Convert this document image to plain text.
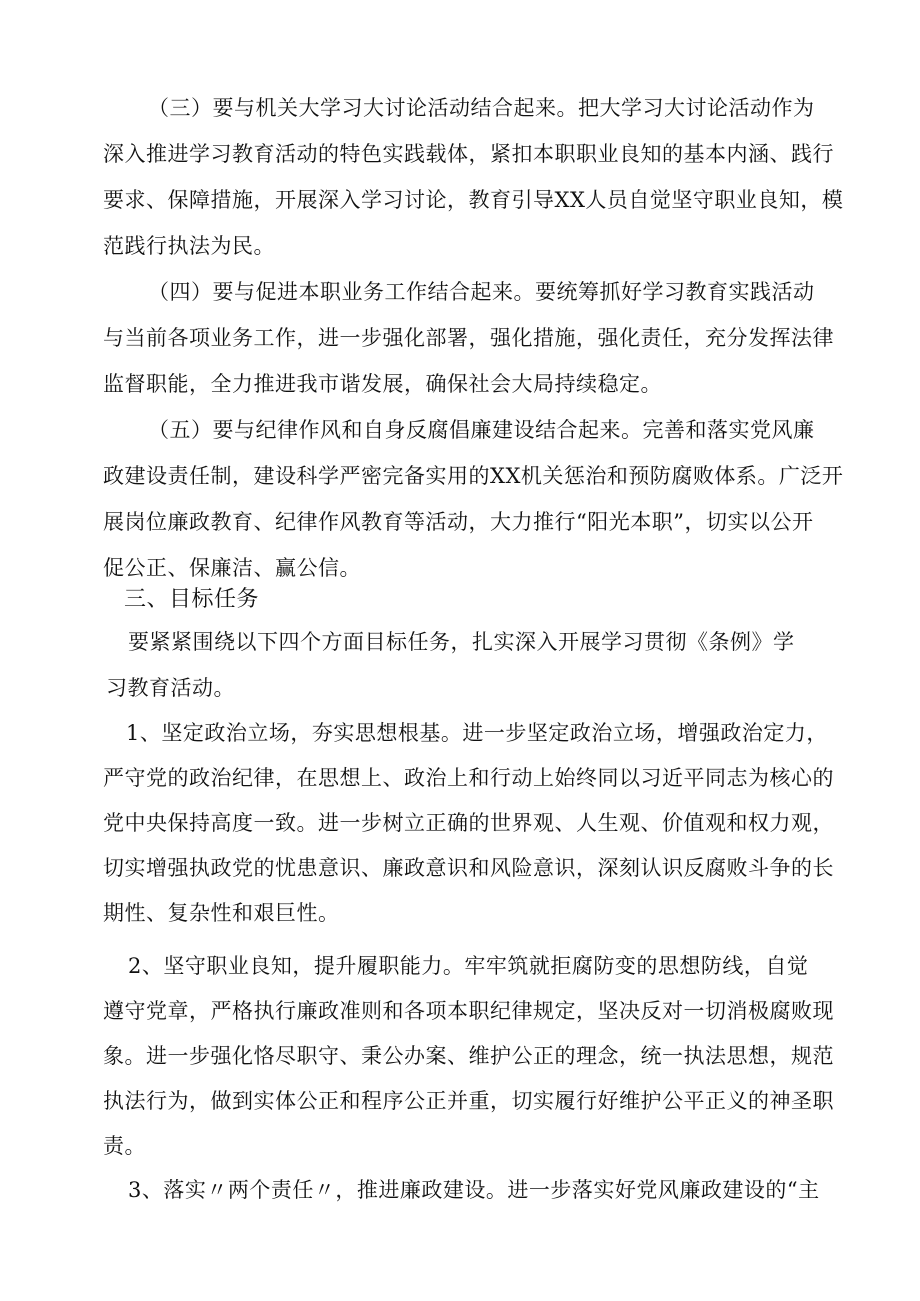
（三）要与机关大学习大讨论活动结合起来。把大学习大讨论活动作为
深入推进学习教育活动的特色实践载体，紧扣本职职业良知的基本内涵、践行
要求、保障措施，开展深入学习讨论，教育引导XX人员自觉坚守职业良知，模
范践行执法为民。
（四）要与促进本职业务工作结合起来。要统筹抓好学习教育实践活动
与当前各项业务工作，进一步强化部署，强化措施，强化责任，充分发挥法律
监督职能，全力推进我市谐发展，确保社会大局持续稳定。
（五）要与纪律作风和自身反腐倡廉建设结合起来。完善和落实党风廉
政建设责任制，建设科学严密完备实用的XX机关惩治和预防腐败体系。广泛开
展岗位廉政教育、纪律作风教育等活动，大力推行“阳光本职”，切实以公开
促公正、保廉洁、赢公信。
三、目标任务
要紧紧围绕以下四个方面目标任务，扎实深入开展学习贯彻《条例》学
习教育活动。
1、坚定政治立场，夯实思想根基。进一步坚定政治立场，增强政治定力，
严守党的政治纪律，在思想上、政治上和行动上始终同以习近平同志为核心的
党中央保持高度一致。进一步树立正确的世界观、人生观、价值观和权力观，
切实增强执政党的忧患意识、廉政意识和风险意识，深刻认识反腐败斗争的长
期性、复杂性和艰巨性。
2、坚守职业良知，提升履职能力。牢牢筑就拒腐防变的思想防线，自觉
遵守党章，严格执行廉政准则和各项本职纪律规定，坚决反对一切消极腐败现
象。进一步强化恪尽职守、秉公办案、维护公正的理念，统一执法思想，规范
执法行为，做到实体公正和程序公正并重，切实履行好维护公平正义的神圣职
责。
3、落实〃两个责任〃，推进廉政建设。进一步落实好党风廉政建设的“主
